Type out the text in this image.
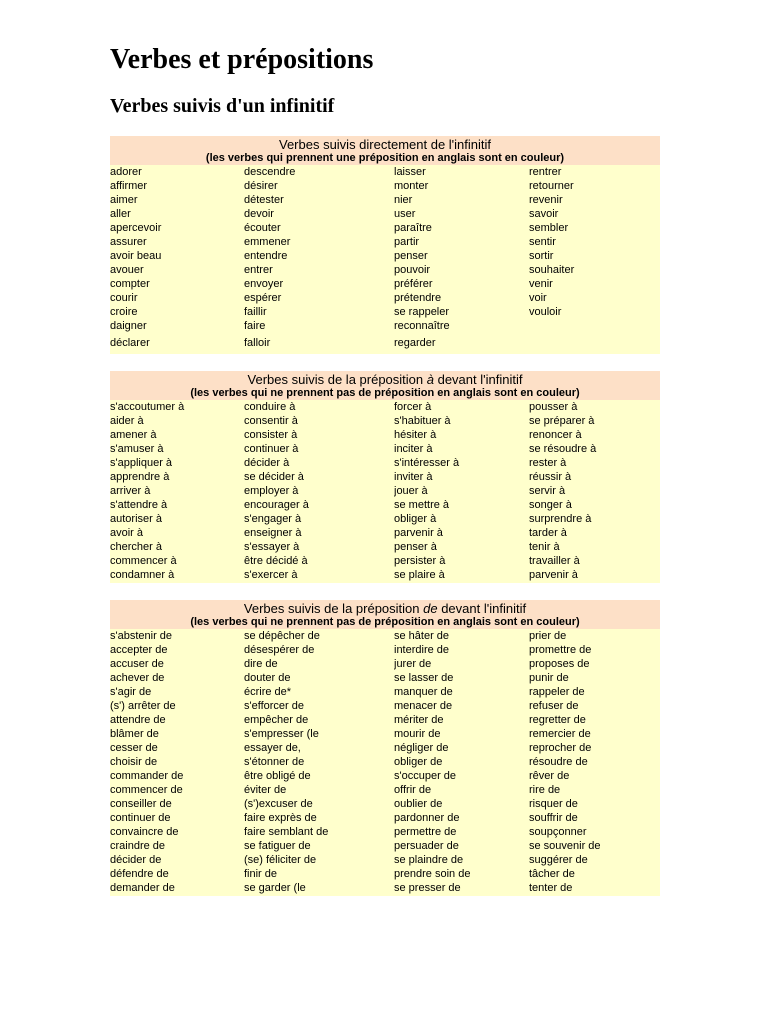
Verbes et prépositions
Verbes suivis d'un infinitif
Verbes suivis directement de l'infinitif
(les verbes qui prennent une préposition en anglais sont en couleur)
adorer
affirmer
aimer
aller
apercevoir
assurer
avoir beau
avouer
compter
courir
croire
daigner
déclarer
descendre
désirer
détester
devoir
écouter
emmener
entendre
entrer
envoyer
espérer
faillir
faire
falloir
laisser
monter
nier
user
paraître
partir
penser
pouvoir
préférer
prétendre
se rappeler
reconnaître
regarder
rentrer
retourner
revenir
savoir
sembler
sentir
sortir
souhaiter
venir
voir
vouloir
Verbes suivis de la préposition à devant l'infinitif
(les verbes qui ne prennent pas de préposition en anglais sont en couleur)
s'accoutumer à
aider à
amener à
s'amuser à
s'appliquer à
apprendre à
arriver à
s'attendre à
autoriser à
avoir à
chercher à
commencer à
condamner à
conduire à
consentir à
consister à
continuer à
décider à
se décider à
employer à
encourager à
s'engager à
enseigner à
s'essayer à
être décidé à
s'exercer à
forcer à
s'habituer à
hésiter à
inciter à
s'intéresser à
inviter à
jouer à
se mettre à
obliger à
parvenir à
penser à
persister à
se plaire à
pousser à
se préparer à
renoncer à
se résoudre à
rester à
réussir à
servir à
songer à
surprendre à
tarder à
tenir à
travailler à
parvenir à
Verbes suivis de la préposition de devant l'infinitif
(les verbes qui ne prennent pas de préposition en anglais sont en couleur)
s'abstenir de
accepter de
accuser de
achever de
s'agir de
(s') arrêter de
attendre de
blâmer de
cesser de
choisir de
commander de
commencer de
conseiller de
continuer de
convaincre de
craindre de
décider de
défendre de
demander de
se dépêcher de
désespérer de
dire de
douter de
écrire de*
s'efforcer de
empêcher de
s'empresser (le
essayer de,
s'étonner de
être obligé de
éviter de
(s')excuser de
faire exprès de
faire semblant de
se fatiguer de
(se) féliciter de
finir de
se garder (le
se hâter de
interdire de
jurer de
se lasser de
manquer de
menacer de
mériter de
mourir de
négliger de
obliger de
s'occuper de
offrir de
oublier de
pardonner de
permettre de
persuader de
se plaindre de
prendre soin de
se presser de
prier de
promettre de
proposes de
punir de
rappeler de
refuser de
regretter de
remercier de
reprocher de
résoudre de
rêver de
rire de
risquer de
souffrir de
soupçonner
se souvenir de
suggérer de
tâcher de
tenter de
